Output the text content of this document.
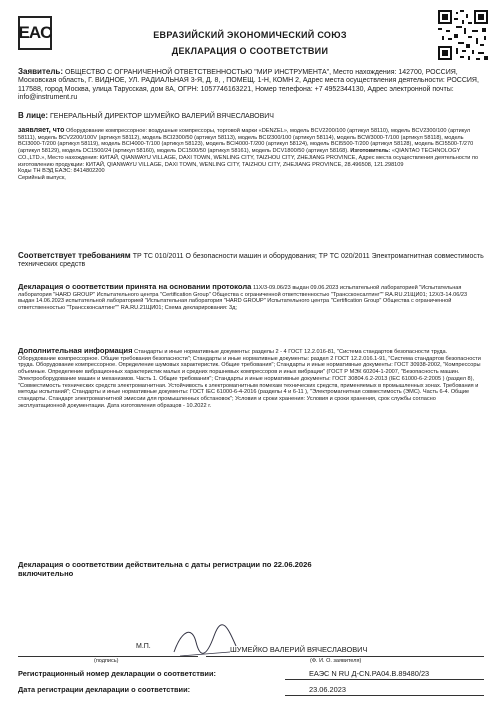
EAC	ЕВРАЗИЙСКИЙ ЭКОНОМИЧЕСКИЙ СОЮЗ
ДЕКЛАРАЦИЯ О СООТВЕТСТВИИ
Заявитель: ОБЩЕСТВО С ОГРАНИЧЕННОЙ ОТВЕТСТВЕННОСТЬЮ "МИР ИНСТРУМЕНТА", Место нахождения: 142700, РОССИЯ, Московская область, Г. ВИДНОЕ, УЛ. РАДИАЛЬНАЯ 3-Я, Д. 8, , ПОМЕЩ. 1-Н, КОМН 2, Адрес места осуществления деятельности: РОССИЯ, 117588, город Москва, улица Тарусская, дом 8А, ОГРН: 1057746163221, Номер телефона: +7 4952344130, Адрес электронной почты: info@instrument.ru
В лице: ГЕНЕРАЛЬНЫЙ ДИРЕКТОР ШУМЕЙКО ВАЛЕРИЙ ВЯЧЕСЛАВОВИЧ
заявляет, что Оборудование компрессорное: воздушные компрессоры, торговой марки «DENZEL», модель BCV2200/100 (артикул 58110), модель BCV2300/100 (артикул 58111), модель BCV2200/100V (артикул 58112), модель BCI2300/50 (артикул 58113), модель BCI2300/100 (артикул 58114), модель BCW3000-T/100 (артикул 58118), модель BCI3000-T/200 (артикул 58119), модель BCI4000-T/100 (артикул 58123), модель BCI4000-T/200 (артикул 58124), модель BCI5500-T/200 (артикул 58128), модель BCI5500-T/270 (артикул 58129), модель DC1500/24 (артикул 58160), модель DC1500/50 (артикул 58161), модель DCV1800/50 (артикул 58168). Изготовитель: «QIANTAO TECHNOLOGY CO.,LTD.», Место нахождения: КИТАЙ, QIANWAYU VILLAGE, DAXI TOWN, WENLING CITY, TAIZHOU CITY, ZHEJIANG PROVINCE, Адрес места осуществления деятельности по изготовлению продукции: КИТАЙ, QIANWAYU VILLAGE, DAXI TOWN, WENLING CITY, TAIZHOU CITY, ZHEJIANG PROVINCE, 28.496508, 121.298109
Коды ТН ВЭД ЕАЭС: 8414802200
Серийный выпуск,
Соответствует требованиям ТР ТС 010/2011 О безопасности машин и оборудования; ТР ТС 020/2011 Электромагнитная совместимость технических средств
Декларация о соответствии принята на основании протокола 11Х/3-09.06/23 выдан 09.06.2023 испытательной лабораторией "Испытательная лаборатория "HARD GROUP" Испытательного центра "Certification Group" Общества с ограниченной ответственностью "Транссконсалтинг"" RA.RU.21ЩИ01; 12Х/3-14.06/23 выдан 14.06.2023 испытательной лабораторией "Испытательная лаборатория "HARD GROUP" Испытательного центра "Certification Group" Общества с ограниченной ответственностью "Транссконсалтинг"" RA.RU.21ЩИ01; Схема декларирования: 3д;
Дополнительная информация Стандарты и иные нормативные документы: разделы 2 - 4 ГОСТ 12.2.016-81, "Система стандартов безопасности труда. Оборудование компрессорное. Общие требования безопасности"; Стандарты и иные нормативные документы: раздел 2 ГОСТ 12.2.016.1-91, "Система стандартов безопасности труда. Оборудование компрессорное. Определение шумовых характеристик. Общие требования"; Стандарты и иные нормативные документы: ГОСТ 30938-2002, "Компрессоры объемные. Определение вибрационных характеристик малых и средних поршневых компрессоров и иных вибрации" (ГОСТ Р МЭК 60204-1-2007, "Безопасность машин. Электрооборудование машин и механизмов. Часть 1. Общие требования"; Стандарты и иные нормативные документы: ГОСТ 30804.6.2-2013 (IEC 61000-6-2:2005 ) (раздел 8), "Совместимость технических средств электромагнитная. Устойчивость к электромагнитным помехам технических средств, применяемых в промышленных зонах. Требования и методы испытаний"; Стандарты и иные нормативные документы: ГОСТ IEC 61000-6-4-2016 (разделы 4 и 6-11 ), "Электромагнитная совместимость (ЭМС). Часть 6-4. Общие стандарты. Стандарт электромагнитной эмиссии для промышленных обстановок"; Условия и сроки хранения: Условия и сроки хранения, срок службы согласно эксплуатационной документации. Дата изготовления образцов - 10.2022 г.
Декларация о соответствии действительна с даты регистрации по 22.06.2026
включительно
М.П.	ШУМЕЙКО ВАЛЕРИЙ ВЯЧЕСЛАВОВИЧ
(подпись)	(Ф. И. О. заявителя)
Регистрационный номер декларации о соответствии:	ЕАЭС N RU Д-CN.РА04.В.89480/23
Дата регистрации декларации о соответствии:	23.06.2023
